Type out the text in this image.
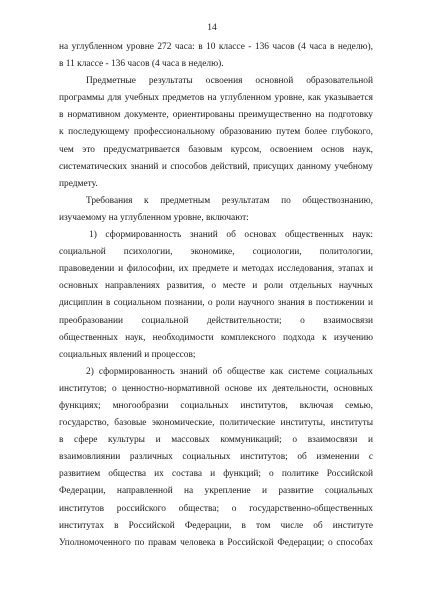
14
на углубленном уровне 272 часа: в 10 классе - 136 часов (4 часа в неделю),
в 11 классе - 136 часов (4 часа в неделю).
Предметные результаты освоения основной образовательной
программы для учебных предметов на углубленном уровне, как указывается
в нормативном документе, ориентированы преимущественно на подготовку
к последующему профессиональному образованию путем более глубокого,
чем это предусматривается базовым курсом, освоением основ наук,
систематических знаний и способов действий, присущих данному учебному
предмету.
Требования к предметным результатам по обществознанию,
изучаемому на углубленном уровне, включают:
1) сформированность знаний об основах общественных наук:
социальной психологии, экономике, социологии, политологии,
правоведении и философии, их предмете и методах исследования, этапах и
основных направлениях развития, о месте и роли отдельных научных
дисциплин в социальном познании, о роли научного знания в постижении и
преобразовании социальной действительности; о взаимосвязи
общественных наук, необходимости комплексного подхода к изучению
социальных явлений и процессов;
2) сформированность знаний об обществе как системе социальных
институтов; о ценностно-нормативной основе их деятельности, основных
функциях; многообразии социальных институтов, включая семью,
государство, базовые экономические, политические институты, институты
в сфере культуры и массовых коммуникаций; о взаимосвязи и
взаимовлиянии различных социальных институтов; об изменении с
развитием общества их состава и функций; о политике Российской
Федерации, направленной на укрепление и развитие социальных
институтов российского общества; о государственно-общественных
институтах в Российской Федерации, в том числе об институте
Уполномоченного по правам человека в Российской Федерации; о способах
